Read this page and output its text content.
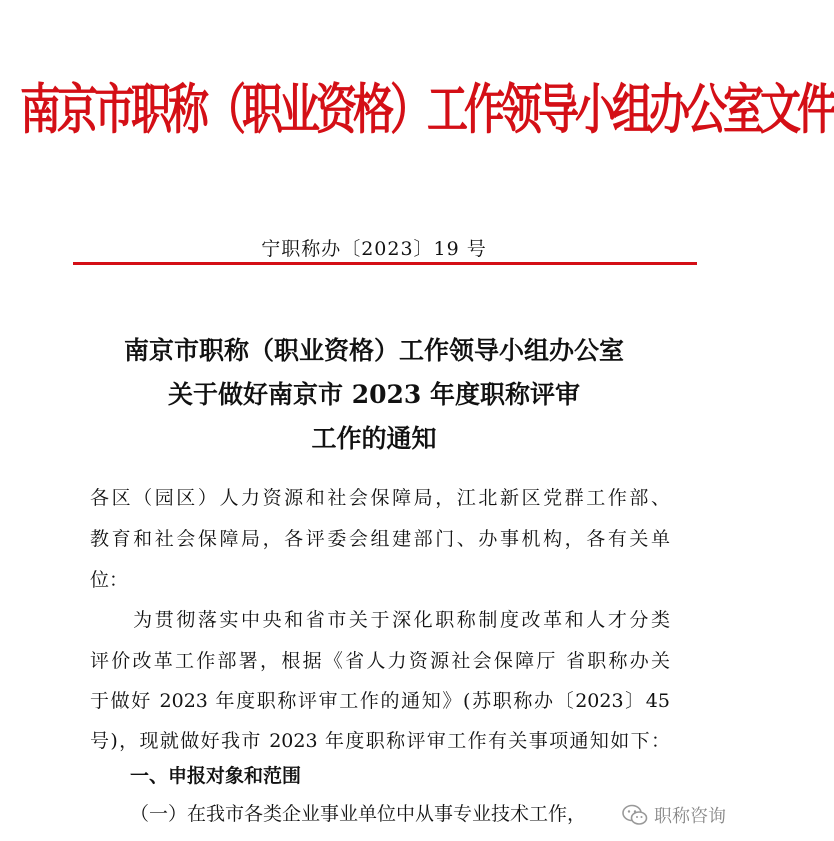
南京市职称（职业资格）工作领导小组办公室文件
宁职称办〔2023〕19 号
南京市职称（职业资格）工作领导小组办公室
关于做好南京市 2023 年度职称评审
工作的通知
各区（园区）人力资源和社会保障局，江北新区党群工作部、
教育和社会保障局，各评委会组建部门、办事机构，各有关单
位：
　　为贯彻落实中央和省市关于深化职称制度改革和人才分类
评价改革工作部署，根据《省人力资源社会保障厅 省职称办关
于做好 2023 年度职称评审工作的通知》(苏职称办〔2023〕45
号)，现就做好我市 2023 年度职称评审工作有关事项通知如下：
一、申报对象和范围
（一）在我市各类企业事业单位中从事专业技术工作，	职称咨询
